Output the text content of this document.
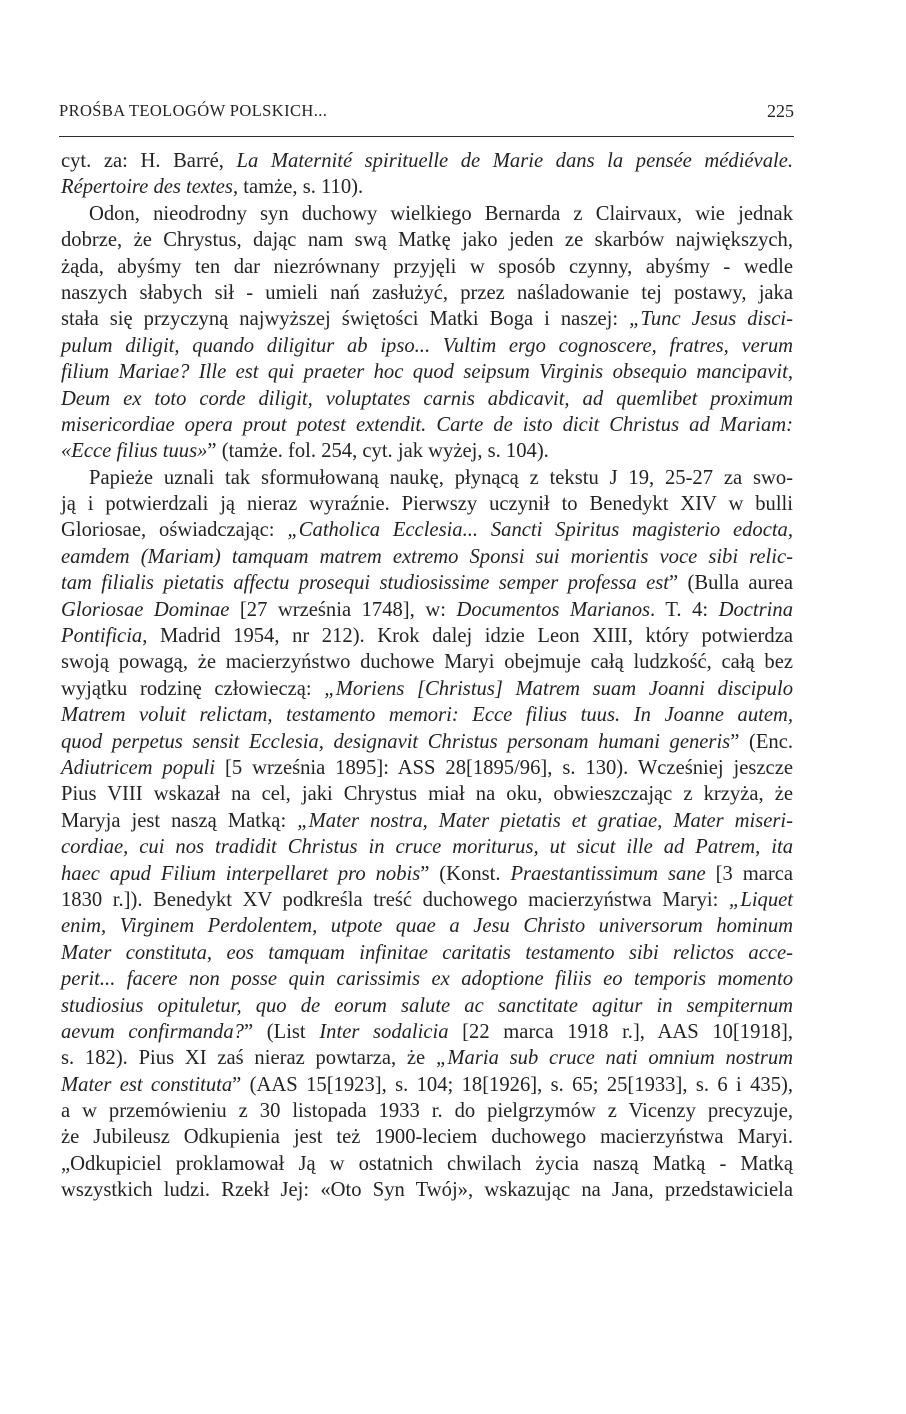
PROŚBA TEOLOGÓW POLSKICH...	225
cyt. za: H. Barré, La Maternité spirituelle de Marie dans la pensée médiévale.
Répertoire des textes, tamże, s. 110).
Odon, nieodrodny syn duchowy wielkiego Bernarda z Clairvaux, wie jednak
dobrze, że Chrystus, dając nam swą Matkę jako jeden ze skarbów największych,
żąda, abyśmy ten dar niezrównany przyjęli w sposób czynny, abyśmy - wedle
naszych słabych sił - umieli nań zasłużyć, przez naśladowanie tej postawy, jaka
stała się przyczyną najwyższej świętości Matki Boga i naszej: „Tunc Jesus disci-
pulum diligit, quando diligitur ab ipso... Vultim ergo cognoscere, fratres, verum
filium Mariae? Ille est qui praeter hoc quod seipsum Virginis obsequio mancipavit,
Deum ex toto corde diligit, voluptates carnis abdicavit, ad quemlibet proximum
misericordiae opera prout potest extendit. Carte de isto dicit Christus ad Mariam:
«Ecce filius tuus»” (tamże. fol. 254, cyt. jak wyżej, s. 104).
Papieże uznali tak sformułowaną naukę, płynącą z tekstu J 19, 25-27 za swo-
ją i potwierdzali ją nieraz wyraźnie. Pierwszy uczynił to Benedykt XIV w bulli
Gloriosae, oświadczając: „Catholica Ecclesia... Sancti Spiritus magisterio edocta,
eamdem (Mariam) tamquam matrem extremo Sponsi sui morientis voce sibi relic-
tam filialis pietatis affectu prosequi studiosissime semper professa est” (Bulla aurea
Gloriosae Dominae [27 września 1748], w: Documentos Marianos. T. 4: Doctrina
Pontificia, Madrid 1954, nr 212). Krok dalej idzie Leon XIII, który potwierdza
swoją powagą, że macierzyństwo duchowe Maryi obejmuje całą ludzkość, całą bez
wyjątku rodzinę człowieczą: „Moriens [Christus] Matrem suam Joanni discipulo
Matrem voluit relictam, testamento memori: Ecce filius tuus. In Joanne autem,
quod perpetus sensit Ecclesia, designavit Christus personam humani generis” (Enc.
Adiutricem populi [5 września 1895]: ASS 28[1895/96], s. 130). Wcześniej jeszcze
Pius VIII wskazał na cel, jaki Chrystus miał na oku, obwieszczając z krzyża, że
Maryja jest naszą Matką: „Mater nostra, Mater pietatis et gratiae, Mater miseri-
cordiae, cui nos tradidit Christus in cruce moriturus, ut sicut ille ad Patrem, ita
haec apud Filium interpellaret pro nobis” (Konst. Praestantissimum sane [3 marca
1830 r.]). Benedykt XV podkreśla treść duchowego macierzyństwa Maryi: „Liquet
enim, Virginem Perdolentem, utpote quae a Jesu Christo universorum hominum
Mater constituta, eos tamquam infinitae caritatis testamento sibi relictos acce-
perit... facere non posse quin carissimis ex adoptione filiis eo temporis momento
studiosius opituletur, quo de eorum salute ac sanctitate agitur in sempiternum
aevum confirmanda?” (List Inter sodalicia [22 marca 1918 r.], AAS 10[1918],
s. 182). Pius XI zaś nieraz powtarza, że „Maria sub cruce nati omnium nostrum
Mater est constituta” (AAS 15[1923], s. 104; 18[1926], s. 65; 25[1933], s. 6 i 435),
a w przemówieniu z 30 listopada 1933 r. do pielgrzymów z Vicenzy precyzuje,
że Jubileusz Odkupienia jest też 1900-leciem duchowego macierzyństwa Maryi.
„Odkupiciel proklamował Ją w ostatnich chwilach życia naszą Matką - Matką
wszystkich ludzi. Rzekł Jej: «Oto Syn Twój», wskazując na Jana, przedstawiciela
